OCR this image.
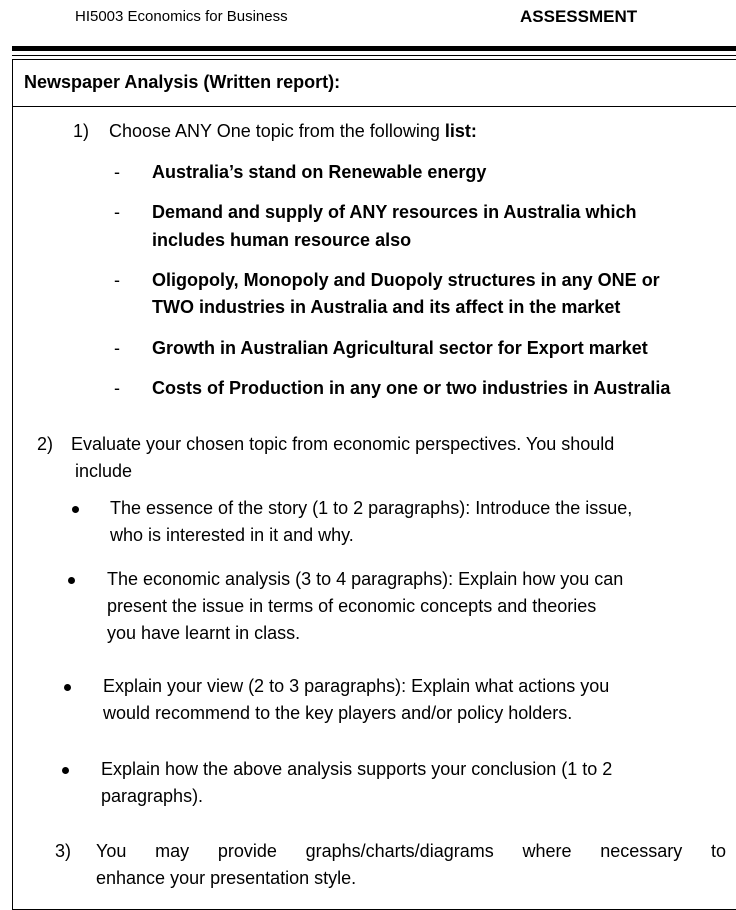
HI5003 Economics for Business	ASSESSMENT
Newspaper Analysis (Written report):
1) Choose ANY One topic from the following list:
- Australia’s stand on Renewable energy
- Demand and supply of ANY resources in Australia which
includes human resource also
- Oligopoly, Monopoly and Duopoly structures in any ONE or
TWO industries in Australia and its affect in the market
- Growth in Australian Agricultural sector for Export market
- Costs of Production in any one or two industries in Australia
2) Evaluate your chosen topic from economic perspectives. You should
include
The essence of the story (1 to 2 paragraphs): Introduce the issue,
who is interested in it and why.
The economic analysis (3 to 4 paragraphs): Explain how you can
present the issue in terms of economic concepts and theories
you have learnt in class.
Explain your view (2 to 3 paragraphs): Explain what actions you
would recommend to the key players and/or policy holders.
Explain how the above analysis supports your conclusion (1 to 2
paragraphs).
3) You may provide graphs/charts/diagrams where necessary to
enhance your presentation style.
